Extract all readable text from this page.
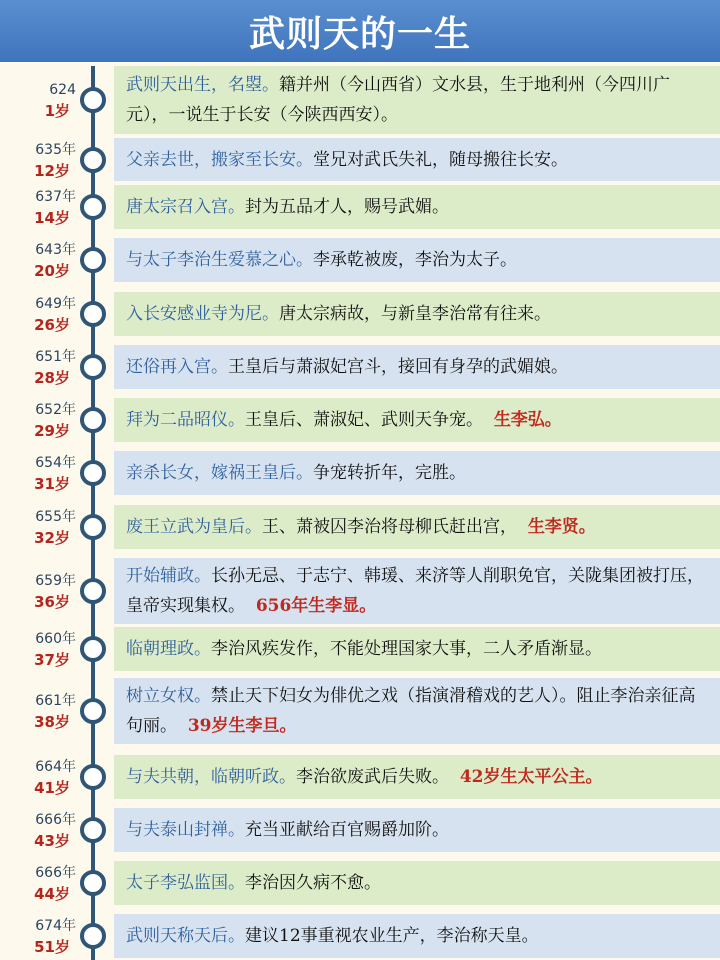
武则天的一生
624
1岁
武则天出生，名曌。籍并州（今山西省）文水县，生于地利州（今四川广元），一说生于长安（今陕西西安）。
635年
12岁
父亲去世，搬家至长安。堂兄对武氏失礼，随母搬往长安。
637年
14岁
唐太宗召入宫。封为五品才人，赐号武媚。
643年
20岁
与太子李治生爱慕之心。李承乾被废，李治为太子。
649年
26岁
入长安感业寺为尼。唐太宗病故，与新皇李治常有往来。
651年
28岁
还俗再入宫。王皇后与萧淑妃宫斗，接回有身孕的武媚娘。
652年
29岁
拜为二品昭仪。王皇后、萧淑妃、武则天争宠。 生李弘。
654年
31岁
亲杀长女，嫁祸王皇后。争宠转折年，完胜。
655年
32岁
废王立武为皇后。王、萧被囚李治将母柳氏赶出宫， 生李贤。
659年
36岁
开始辅政。长孙无忌、于志宁、韩瑗、来济等人削职免官，关陇集团被打压，皇帝实现集权。 656年生李显。
660年
37岁
临朝理政。李治风疾发作，不能处理国家大事，二人矛盾渐显。
661年
38岁
树立女权。禁止天下妇女为俳优之戏（指演滑稽戏的艺人）。阻止李治亲征高句丽。 39岁生李旦。
664年
41岁
与夫共朝，临朝听政。李治欲废武后失败。 42岁生太平公主。
666年
43岁
与夫泰山封禅。充当亚献给百官赐爵加阶。
666年
44岁
太子李弘监国。李治因久病不愈。
674年
51岁
武则天称天后。建议12事重视农业生产，李治称天皇。
